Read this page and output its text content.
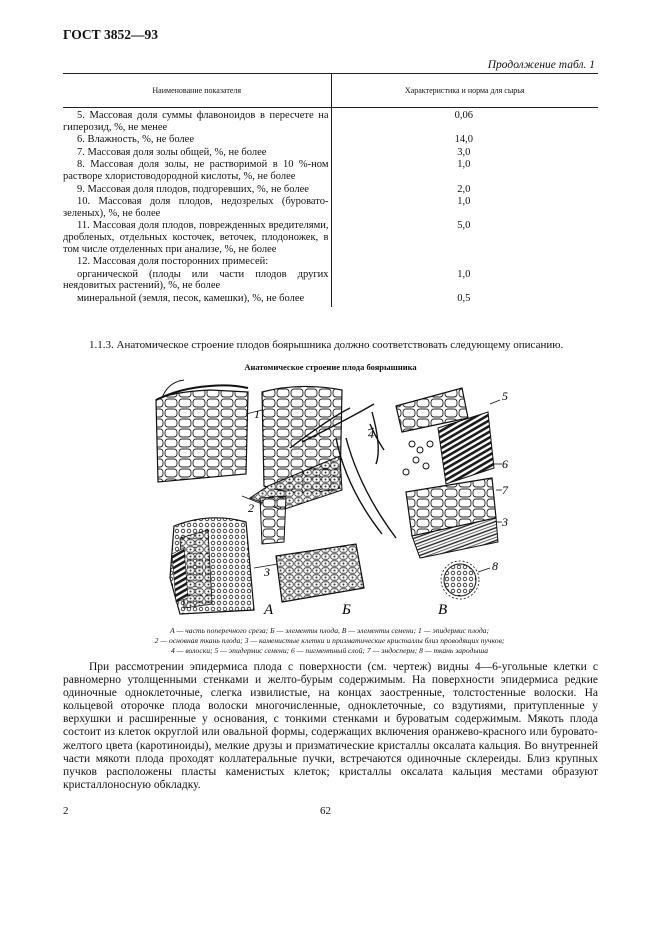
ГОСТ 3852—93
Продолжение табл. 1
Наименование показателя	Характеристика и норма для сырья
5. Массовая доля суммы флавоноидов в пересчете на гиперозид, %, не менее	0,06
6. Влажность, %, не более	14,0
7. Массовая доля золы общей, %, не более	3,0
8. Массовая доля золы, не растворимой в 10 %-ном растворе хлористоводородной кислоты, %, не более	1,0
9. Массовая доля плодов, подгоревших, %, не более	2,0
10. Массовая доля плодов, недозрелых (буровато-зеленых), %, не более	1,0
11. Массовая доля плодов, поврежденных вредителями, дробленых, отдельных косточек, веточек, плодоножек, в том числе отделенных при анализе, %, не более	5,0
12. Массовая доля посторонних примесей:	
органической (плоды или части плодов других неядовитых растений), %, не более	1,0
минеральной (земля, песок, камешки), %, не более	0,5
1.1.3. Анатомическое строение плодов боярышника должно соответствовать следующему описанию.
Анатомическое строение плода боярышника
1
2
3
4
5
6
7
3
8
А	Б	В
А — часть поперечного среза; Б — элементы плода, В — элементы семени; 1 — эпидермис плода;
2 — основная ткань плода; 3 — каменистые клетки и призматические кристаллы близ проводящих пучков;
4 — волоски; 5 — эпидермис семени; 6 — пигментный слой; 7 — эндосперм; 8 — ткань зародыша
При рассмотрении эпидермиса плода с поверхности (см. чертеж) видны 4—6-угольные клетки с равномерно утолщенными стенками и желто-бурым содержимым. На поверхности эпидермиса редкие одиночные одноклеточные, слегка извилистые, на концах заостренные, толстостенные волоски. На кольцевой оторочке плода волоски многочисленные, одноклеточные, со вздутиями, притупленные у верхушки и расширенные у основания, с тонкими стенками и буроватым содержимым. Мякоть плода состоит из клеток округлой или овальной формы, содержащих включения оранжево-красного или буровато-желтого цвета (каротиноиды), мелкие друзы и призматические кристаллы оксалата кальция. Во внутренней части мякоти плода проходят коллатеральные пучки, встречаются одиночные склереиды. Близ крупных пучков расположены пласты каменистых клеток; кристаллы оксалата кальция местами образуют кристаллоносную обкладку.
2	62
